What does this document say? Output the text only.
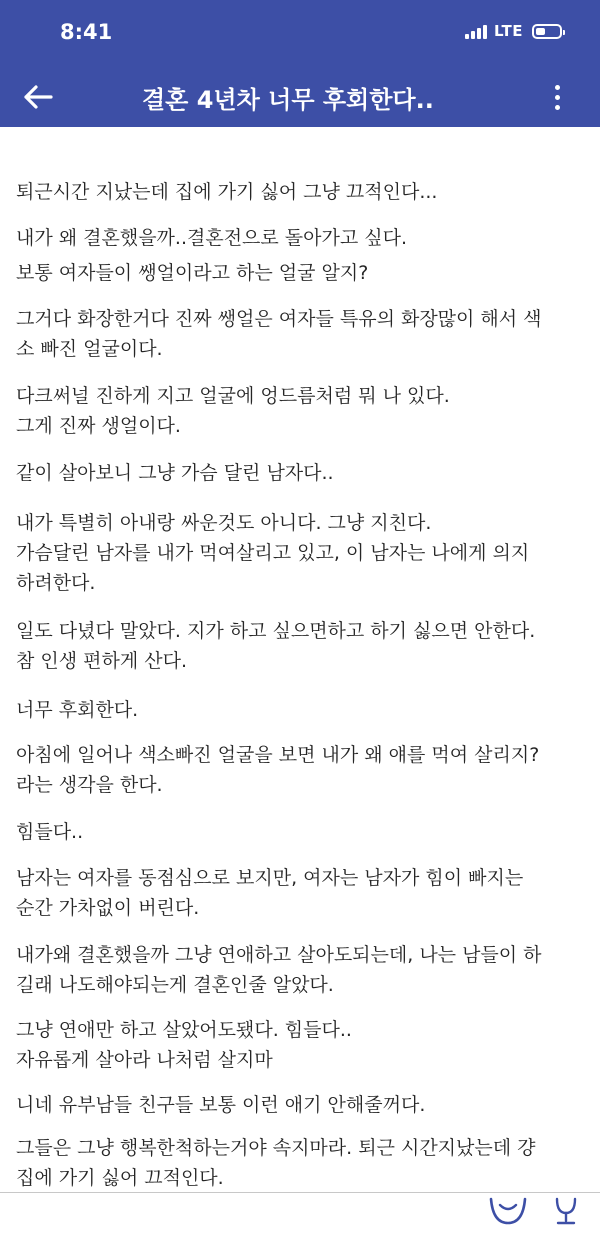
8:41	LTE
결혼 4년차 너무 후회한다..

퇴근시간 지났는데 집에 가기 싫어 그냥 끄적인다...

내가 왜 결혼했을까..결혼전으로 돌아가고 싶다.

보통 여자들이 쌩얼이라고 하는 얼굴 알지?

그거다 화장한거다 진짜 쌩얼은 여자들 특유의 화장많이 해서 색
소 빠진 얼굴이다.

다크써널 진하게 지고 얼굴에 엉드름처럼 뭐 나 있다.
그게 진짜 생얼이다.

같이 살아보니 그냥 가슴 달린 남자다..

내가 특별히 아내랑 싸운것도 아니다. 그냥 지친다.
가슴달린 남자를 내가 먹여살리고 있고, 이 남자는 나에게 의지
하려한다.

일도 다녔다 말았다. 지가 하고 싶으면하고 하기 싫으면 안한다.
참 인생 편하게 산다.

너무 후회한다.

아침에 일어나 색소빠진 얼굴을 보면 내가 왜 얘를 먹여 살리지?
라는 생각을 한다.

힘들다..

남자는 여자를 동점심으로 보지만, 여자는 남자가 힘이 빠지는
순간 가차없이 버린다.

내가왜 결혼했을까 그냥 연애하고 살아도되는데, 나는 남들이 하
길래 나도해야되는게 결혼인줄 알았다.

그냥 연애만 하고 살았어도됐다. 힘들다..
자유롭게 살아라 나처럼 살지마

니네 유부남들 친구들 보통 이런 애기 안해줄꺼다.

그들은 그냥 행복한척하는거야 속지마라. 퇴근 시간지났는데 걍
집에 가기 싫어 끄적인다.
